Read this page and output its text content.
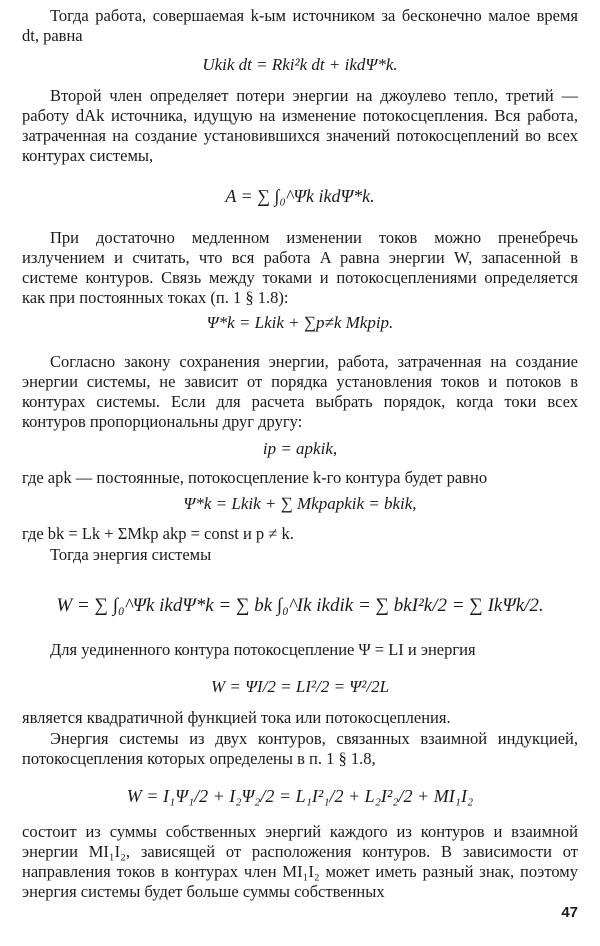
Тогда работа, совершаемая k-ым источником за бесконечно малое время dt, равна

Ukik dt = Rki²k dt + ikdΨ*k.

Второй член определяет потери энергии на джоулево тепло, третий — работу dAk источника, идущую на изменение потокосцепления. Вся работа, затраченная на создание установившихся значений потокосцеплений во всех контурах системы,

A = ∑ ∫₀^Ψk ikdΨ*k.

При достаточно медленном изменении токов можно пренебречь излучением и считать, что вся работа A равна энергии W, запасенной в системе контуров. Связь между токами и потокосцеплениями определяется как при постоянных токах (п. 1 § 1.8):

Ψ*k = Lkik + ∑p≠k Mkpip.

Согласно закону сохранения энергии, работа, затраченная на создание энергии системы, не зависит от порядка установления токов и потоков в контурах системы. Если для расчета выбрать порядок, когда токи всех контуров пропорциональны друг другу:

ip = apkik,

где apk — постоянные, потокосцепление k-го контура будет равно

Ψ*k = Lkik + ∑ Mkpapkik = bkik,

где bk = Lk + ΣMkp akp = const и p ≠ k.

Тогда энергия системы

W = ∑ ∫₀^Ψk ikdΨ*k = ∑ bk ∫₀^Ik ikdik = ∑ bkI²k/2 = ∑ IkΨk/2.

Для уединенного контура потокосцепление Ψ = LI и энергия

W = ΨI/2 = LI²/2 = Ψ²/2L

является квадратичной функцией тока или потокосцепления.

Энергия системы из двух контуров, связанных взаимной индукцией, потокосцепления которых определены в п. 1 § 1.8,

W = I₁Ψ₁/2 + I₂Ψ₂/2 = L₁I²₁/2 + L₂I²₂/2 + MI₁I₂

состоит из суммы собственных энергий каждого из контуров и взаимной энергии MI₁I₂, зависящей от расположения контуров. В зависимости от направления токов в контурах член MI₁I₂ может иметь разный знак, поэтому энергия системы будет больше суммы собственных

47
